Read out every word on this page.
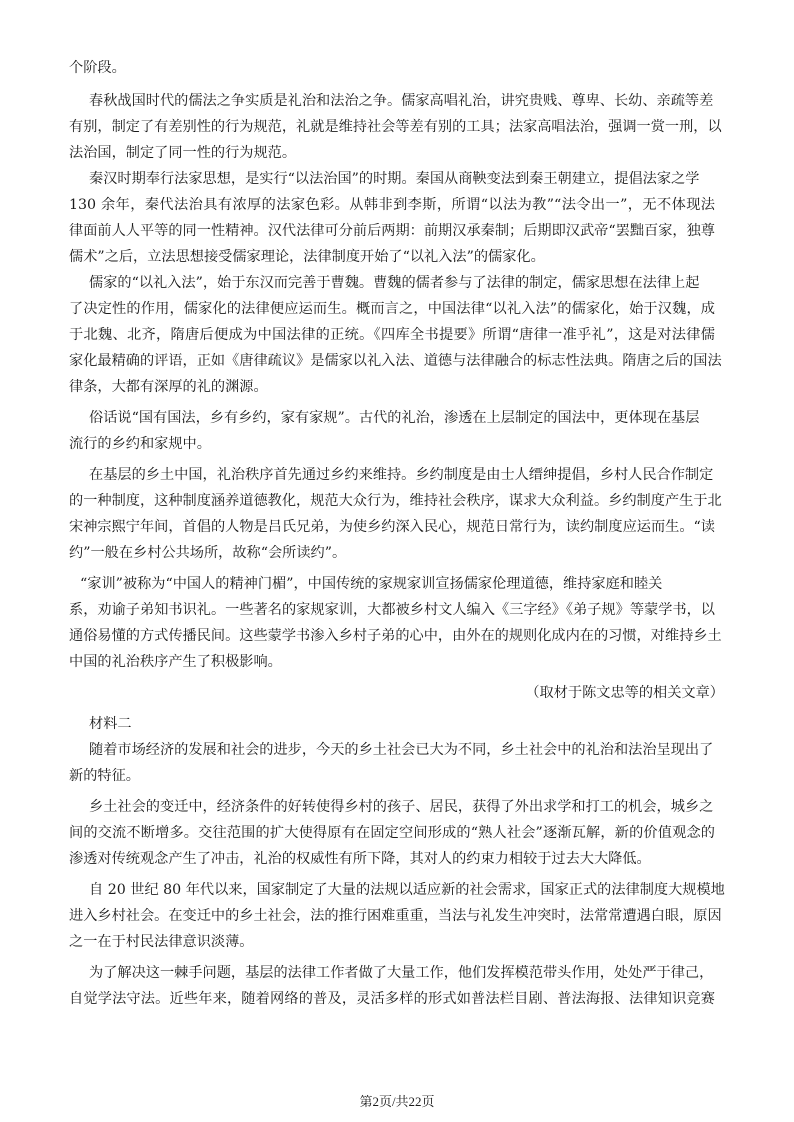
个阶段。
春秋战国时代的儒法之争实质是礼治和法治之争。儒家高唱礼治，讲究贵贱、尊卑、长幼、亲疏等差
有别，制定了有差别性的行为规范，礼就是维持社会等差有别的工具；法家高唱法治，强调一赏一刑，以
法治国，制定了同一性的行为规范。
秦汉时期奉行法家思想，是实行“以法治国”的时期。秦国从商鞅变法到秦王朝建立，提倡法家之学
130 余年，秦代法治具有浓厚的法家色彩。从韩非到李斯，所谓“以法为教”“法令出一”，无不体现法
律面前人人平等的同一性精神。汉代法律可分前后两期：前期汉承秦制；后期即汉武帝“罢黜百家，独尊
儒术”之后，立法思想接受儒家理论，法律制度开始了“以礼入法”的儒家化。
儒家的“以礼入法”，始于东汉而完善于曹魏。曹魏的儒者参与了法律的制定，儒家思想在法律上起
了决定性的作用，儒家化的法律便应运而生。概而言之，中国法律“以礼入法”的儒家化，始于汉魏，成
于北魏、北齐，隋唐后便成为中国法律的正统。《四库全书提要》所谓“唐律一准乎礼”，这是对法律儒
家化最精确的评语，正如《唐律疏议》是儒家以礼入法、道德与法律融合的标志性法典。隋唐之后的国法
律条，大都有深厚的礼的渊源。
俗话说“国有国法，乡有乡约，家有家规”。古代的礼治，渗透在上层制定的国法中，更体现在基层
流行的乡约和家规中。
在基层的乡土中国，礼治秩序首先通过乡约来维持。乡约制度是由士人缙绅提倡，乡村人民合作制定
的一种制度，这种制度涵养道德教化，规范大众行为，维持社会秩序，谋求大众利益。乡约制度产生于北
宋神宗熙宁年间，首倡的人物是吕氏兄弟，为使乡约深入民心，规范日常行为，读约制度应运而生。“读
约”一般在乡村公共场所，故称“会所读约”。
“家训”被称为“中国人的精神门楣”，中国传统的家规家训宣扬儒家伦理道德，维持家庭和睦关
系，劝谕子弟知书识礼。一些著名的家规家训，大都被乡村文人编入《三字经》《弟子规》等蒙学书，以
通俗易懂的方式传播民间。这些蒙学书渗入乡村子弟的心中，由外在的规则化成内在的习惯，对维持乡土
中国的礼治秩序产生了积极影响。
（取材于陈文忠等的相关文章）
材料二
随着市场经济的发展和社会的进步，今天的乡土社会已大为不同，乡土社会中的礼治和法治呈现出了
新的特征。
乡土社会的变迁中，经济条件的好转使得乡村的孩子、居民，获得了外出求学和打工的机会，城乡之
间的交流不断增多。交往范围的扩大使得原有在固定空间形成的“熟人社会”逐渐瓦解，新的价值观念的
渗透对传统观念产生了冲击，礼治的权威性有所下降，其对人的约束力相较于过去大大降低。
自 20 世纪 80 年代以来，国家制定了大量的法规以适应新的社会需求，国家正式的法律制度大规模地
进入乡村社会。在变迁中的乡土社会，法的推行困难重重，当法与礼发生冲突时，法常常遭遇白眼，原因
之一在于村民法律意识淡薄。
为了解决这一棘手问题，基层的法律工作者做了大量工作，他们发挥模范带头作用，处处严于律己，
自觉学法守法。近些年来，随着网络的普及，灵活多样的形式如普法栏目剧、普法海报、法律知识竞赛
第2页/共22页
